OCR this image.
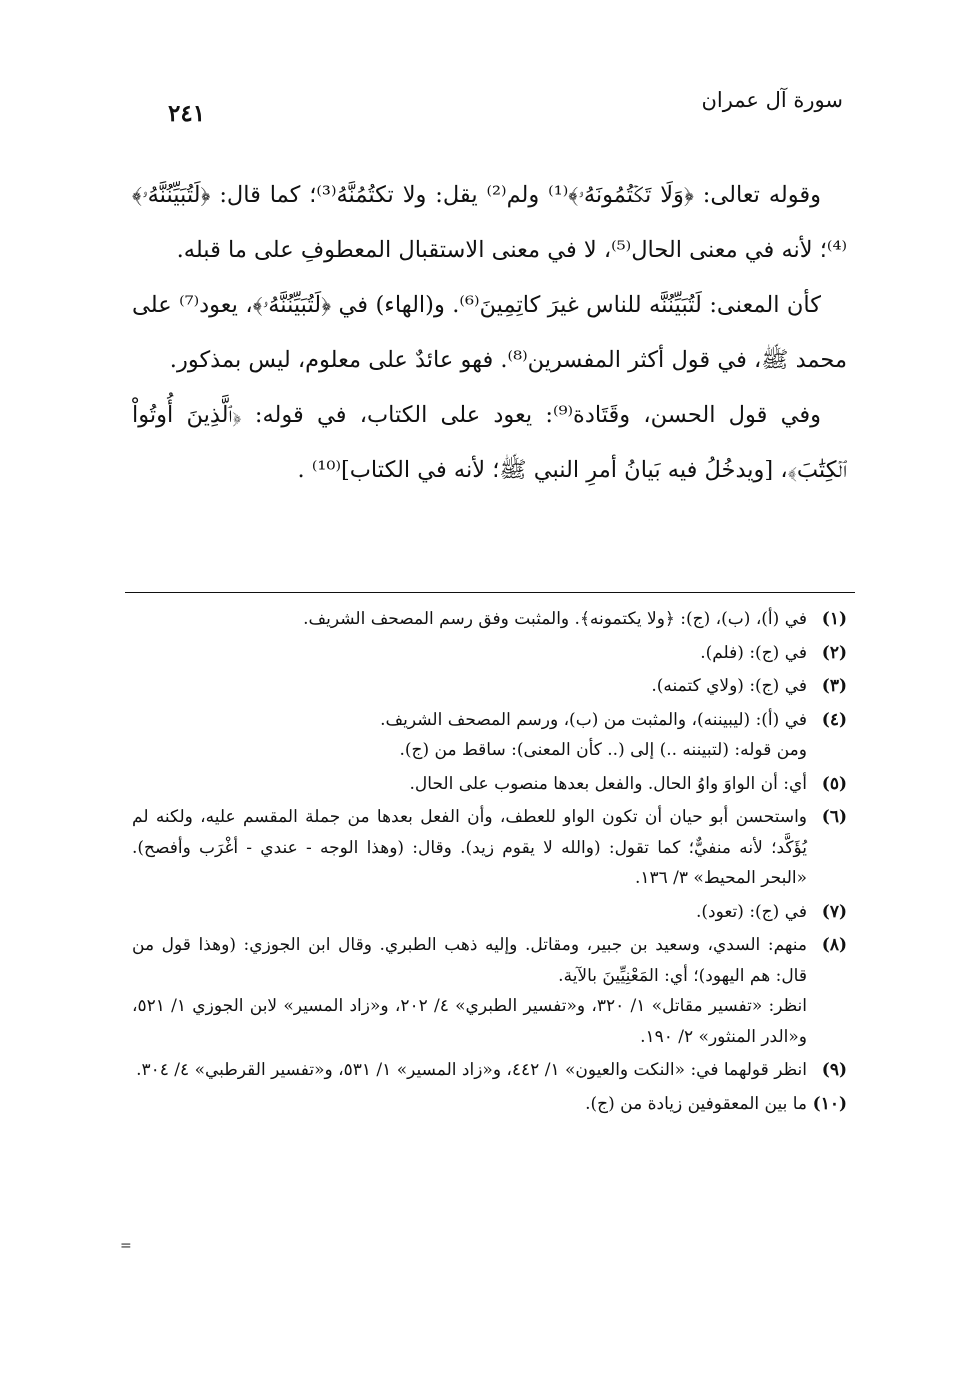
سورة آل عمران
٢٤١

وقوله تعالى: ﴿وَلَا تَكۡتُمُونَهُۥ﴾⁽¹⁾ ولم⁽²⁾ يقل: ولا تكتُمُنَّهُ⁽³⁾؛ كما قال: ﴿لَتُبَيِّنُنَّهُۥ﴾⁽⁴⁾؛ لأنه في معنى الحال⁽⁵⁾، لا في معنى الاستقبال المعطوفِ على ما قبله.

كأن المعنى: لَتُبَيِّنُنَّه للناس غيرَ كاتِمِينَ⁽⁶⁾. و(الهاء) في ﴿لَتُبَيِّنُنَّهُۥ﴾، يعود⁽⁷⁾ على محمد ﷺ، في قول أكثر المفسرين⁽⁸⁾. فهو عائدٌ على معلوم، ليس بمذكور.

وفي قول الحسن، وقَتَادة⁽⁹⁾: يعود على الكتاب، في قوله: ﴿ٱلَّذِينَ أُوتُواْ ٱلۡكِتَٰبَ﴾، [ويدخُلُ فيه بَيانُ أمرِ النبي ﷺ؛ لأنه في الكتاب]⁽¹⁰⁾ .

(١)
في (أ)، (ب)، (ج): ﴿ولا يكتمونه﴾. والمثبت وفق رسم المصحف الشريف.
(٢)
في (ج): (فلم).
(٣)
في (ج): (ولاي كتمنه).
(٤)
في (أ): (ليبيننه)، والمثبت من (ب)، ورسم المصحف الشريف.
ومن قوله: (لتبيننه ..) إلى (.. كأن المعنى): ساقط من (ج).
(٥)
أي: أن الواوَ واوُ الحال. والفعل بعدها منصوب على الحال.
(٦)
واستحسن أبو حيان أن تكون الواو للعطف، وأن الفعل بعدها من جملة المقسم عليه، ولكنه لم يُؤَكَّد؛ لأنه منفيٌّ؛ كما تقول: (والله لا يقوم زيد). وقال: (وهذا الوجه - عندي - أغْرَب وأفصح). «البحر المحيط» ٣/ ١٣٦.
(٧)
في (ج): (تعود).
(٨)
منهم: السدي، وسعيد بن جبير، ومقاتل. وإليه ذهب الطبري. وقال ابن الجوزي: (وهذا قول من قال: هم اليهود)؛ أي: المَعْنِيِّينَ بالآية.
انظر: «تفسير مقاتل» ١/ ٣٢٠، و«تفسير الطبري» ٤/ ٢٠٢، و«زاد المسير» لابن الجوزي ١/ ٥٢١، و«الدر المنثور» ٢/ ١٩٠.
(٩)
انظر قولهما في: «النكت والعيون» ١/ ٤٤٢، و«زاد المسير» ١/ ٥٣١، و«تفسير القرطبي» ٤/ ٣٠٤.
(١٠)
ما بين المعقوفين زيادة من (ج).
=
